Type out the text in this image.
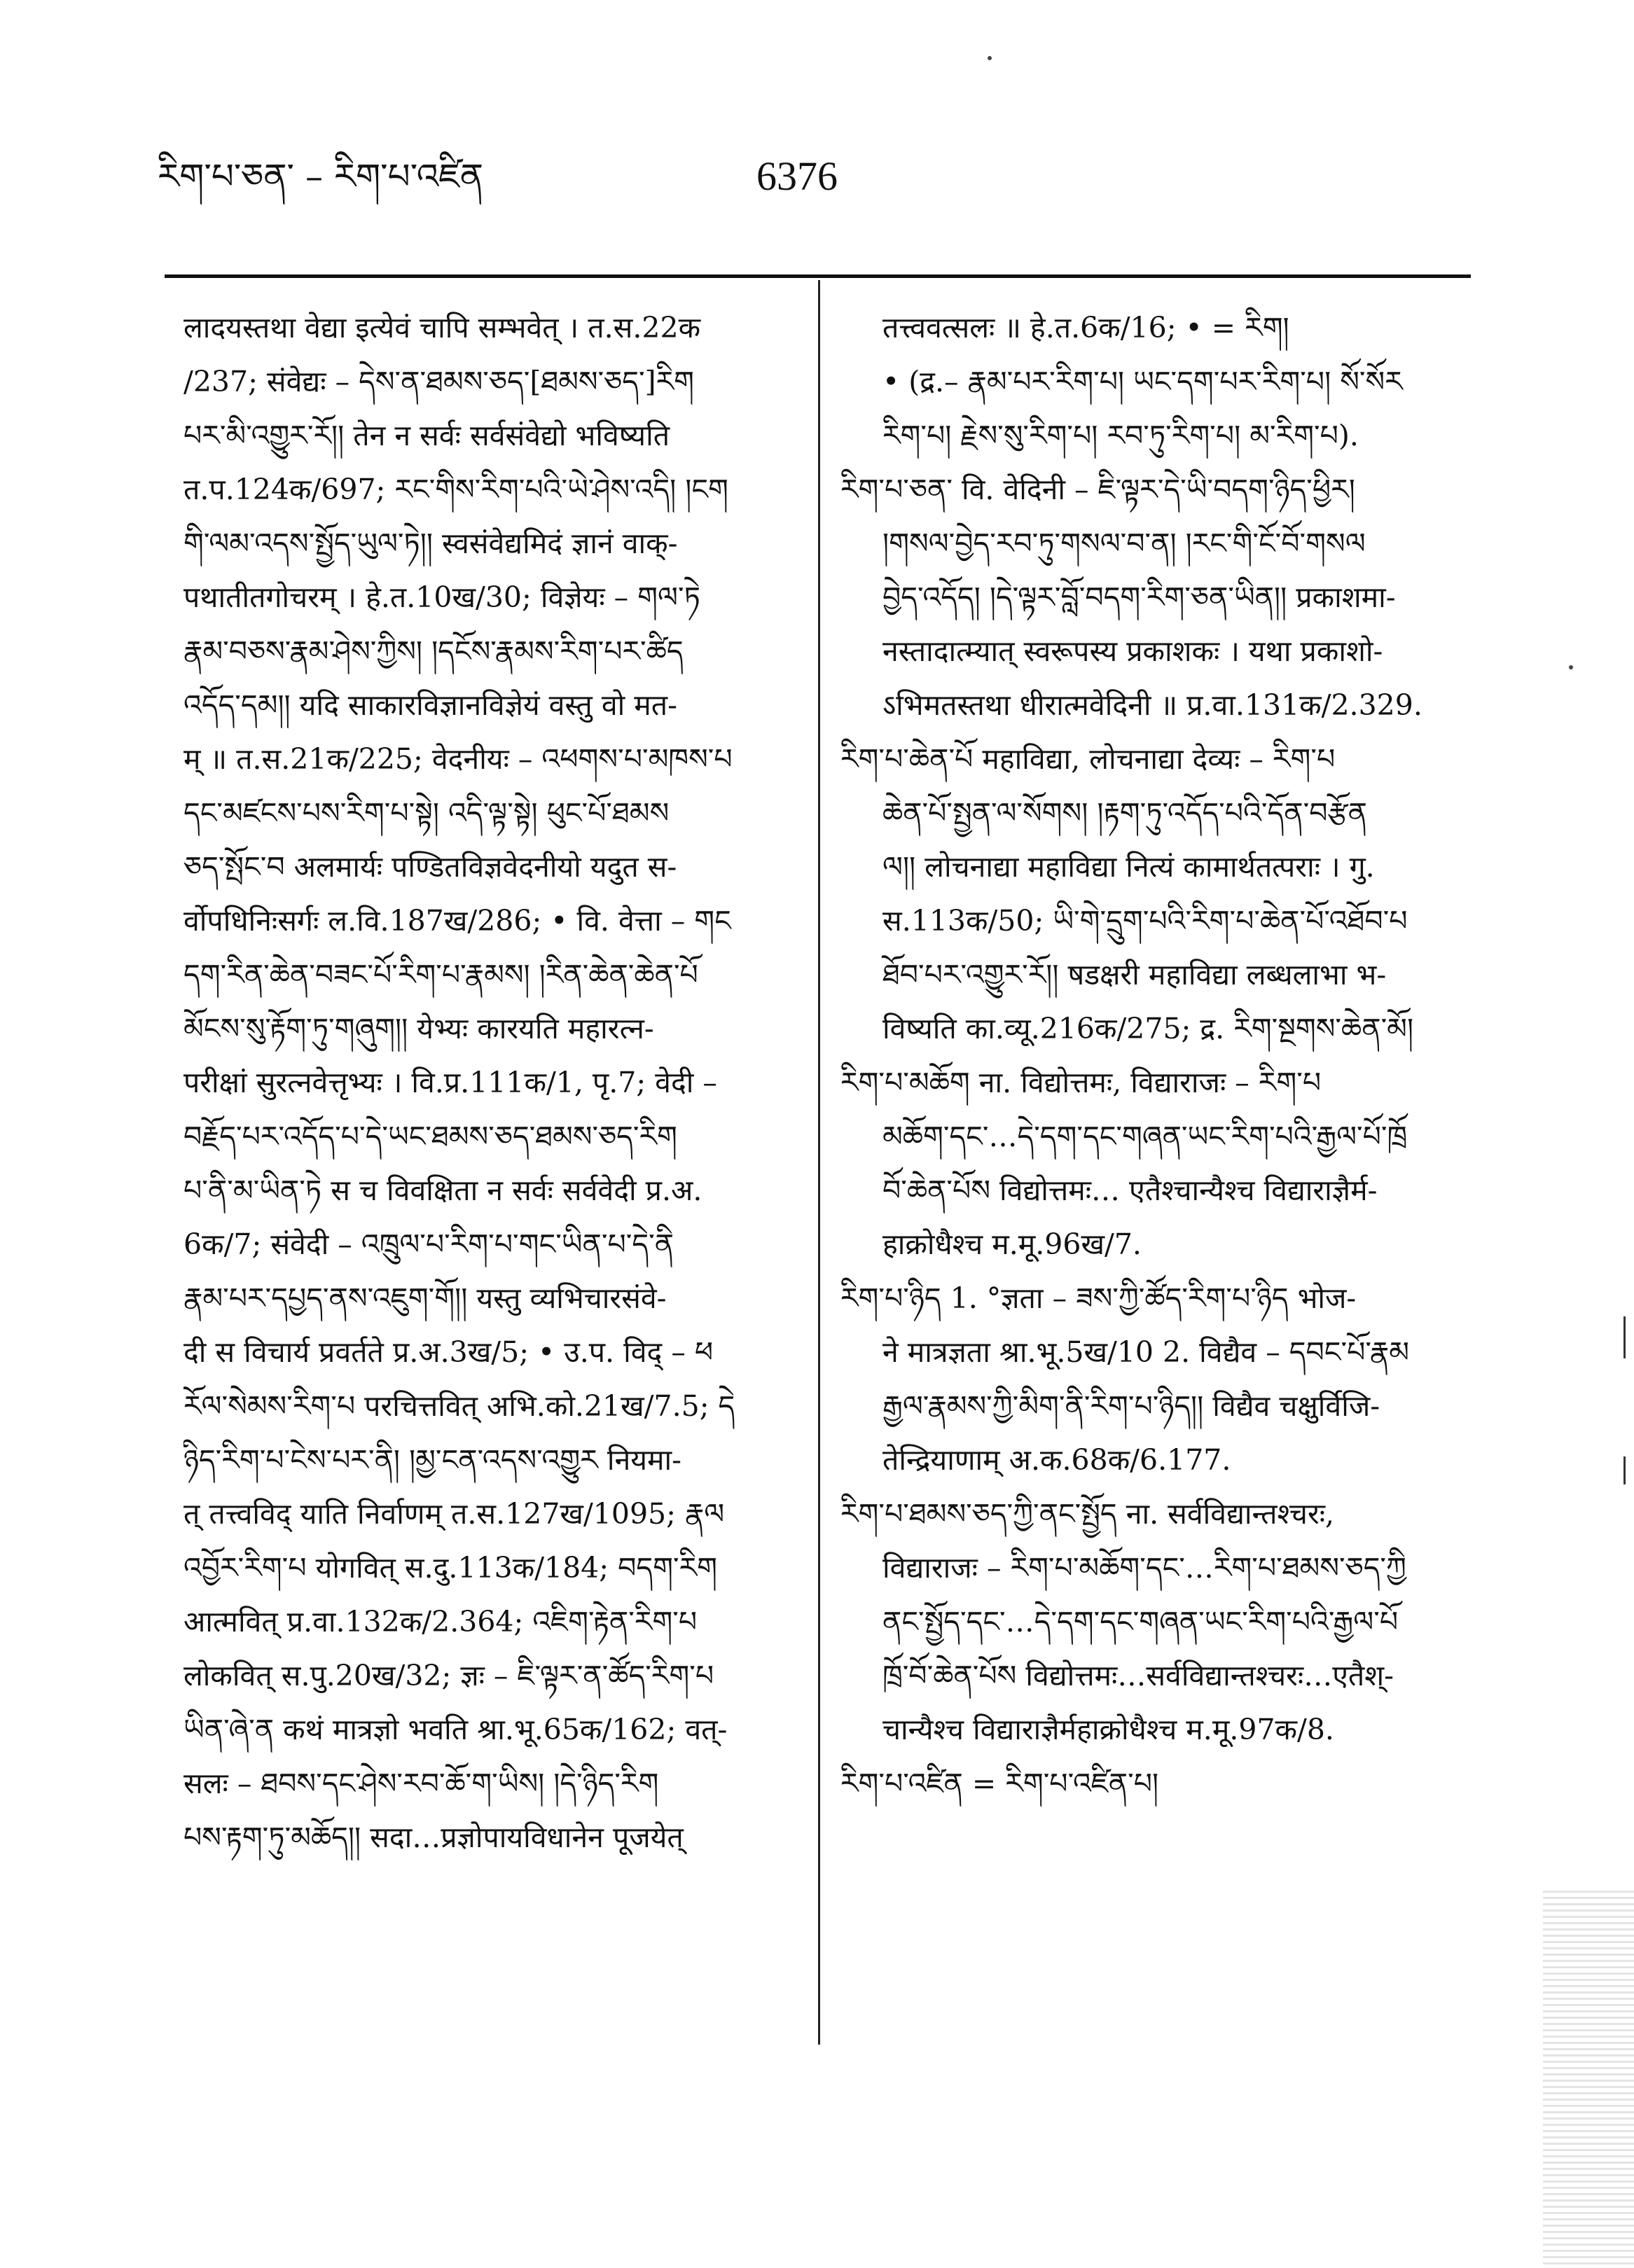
རིག་པ་ཅན་ – རིག་པ་འཛིན	6376
लादयस्तथा वेद्या इत्येवं चापि सम्भवेत् । त.स.22क
/237; संवेद्यः – དེས་ན་ཐམས་ཅད་[ཐམས་ཅད་]རིག
པར་མི་འགྱུར་རོ།། तेन न सर्वः सर्वसंवेद्यो भविष्यति
त.प.124क/697; རང་གིས་རིག་པའི་ཡེ་ཤེས་འདི། །ངག
གི་ལམ་འདས་སྤྱོད་ཡུལ་ཏེ།། स्वसंवेद्यमिदं ज्ञानं वाक्-
पथातीतगोचरम् । हे.त.10ख/30; विज्ञेयः – གལ་ཏེ
རྣམ་བཅས་རྣམ་ཤེས་ཀྱིས། །དངོས་རྣམས་རིག་པར་ཚིད
འདོད་དམ།། यदि साकारविज्ञानविज्ञेयं वस्तु वो मत-
म् ॥ त.स.21क/225; वेदनीयः – འཕགས་པ་མཁས་པ
དང་མཛངས་པས་རིག་པ་སྟེ། འདི་ལྟ་སྟེ། ཕུང་པོ་ཐམས
ཅད་སྤོང་བ अलमार्यः पण्डितविज्ञवेदनीयो यदुत स-
र्वोपधिनिःसर्गः ल.वि.187ख/286; • वि. वेत्ता – གང
དག་རིན་ཆེན་བཟང་པོ་རིག་པ་རྣམས། །རིན་ཆེན་ཆེན་པོ
མོངས་སུ་རྟོག་ཏུ་གཞུག།། येभ्यः कारयति महारत्न-
परीक्षां सुरत्नवेत्तृभ्यः । वि.प्र.111क/1, पृ.7; वेदी –
བརྗོད་པར་འདོད་པ་དེ་ཡང་ཐམས་ཅད་ཐམས་ཅད་རིག
པ་ནི་མ་ཡིན་ཏེ स च विवक्षिता न सर्वः सर्ववेदी प्र.अ.
6क/7; संवेदी – འཁྲུལ་པ་རིག་པ་གང་ཡིན་པ་དེ་ནི
རྣམ་པར་དཔྱད་ནས་འཇུག་གོ།། यस्तु व्यभिचारसंवे-
दी स विचार्य प्रवर्तते प्र.अ.3ख/5; • उ.प. विद् – ཕ
རོལ་སེམས་རིག་པ परचित्तवित् अभि.को.21ख/7.5; དེ
ཉིད་རིག་པ་ངེས་པར་ནི། །མྱ་ངན་འདས་འགྱུར नियमा-
त् तत्त्वविद् याति निर्वाणम् त.स.127ख/1095; རྣལ
འབྱོར་རིག་པ योगवित् स.दु.113क/184; བདག་རིག
आत्मवित् प्र.वा.132क/2.364; འཇིག་རྟེན་རིག་པ
लोकवित् स.पु.20ख/32; ज्ञः – ཇི་ལྟར་ན་ཚོད་རིག་པ
ཡིན་ཞེ་ན कथं मात्रज्ञो भवति श्रा.भू.65क/162; वत्-
सलः – ཐབས་དང་ཤེས་རབ་ཆོ་ག་ཡིས། །དེ་ཉིད་རིག
པས་རྟག་ཏུ་མཆོད།། सदा…प्रज्ञोपायविधानेन पूजयेत्
तत्त्ववत्सलः ॥ हे.त.6क/16; • = རིག།
• (द्र.– རྣམ་པར་རིག་པ། ཡང་དག་པར་རིག་པ། སོ་སོར
རིག་པ། རྗེས་སུ་རིག་པ། རབ་ཏུ་རིག་པ། མ་རིག་པ).
རིག་པ་ཅན་ वि. वेदिनी – ཇི་ལྟར་དེ་ཡི་བདག་ཉིད་ཕྱིར།
།གསལ་བྱེད་རབ་ཏུ་གསལ་བ་ན། །རང་གི་ངོ་བོ་གསལ
བྱེད་འདོད། །དེ་ལྟར་བློ་བདག་རིག་ཅན་ཡིན།། प्रकाशमा-
नस्तादात्म्यात् स्वरूपस्य प्रकाशकः । यथा प्रकाशो-
ऽभिमतस्तथा धीरात्मवेदिनी ॥ प्र.वा.131क/2.329.
རིག་པ་ཆེན་པོ महाविद्या, लोचनाद्या देव्यः – རིག་པ
ཆེན་པོ་སྤྱན་ལ་སོགས། །རྟག་ཏུ་འདོད་པའི་དོན་བརྩོན
ལ།། लोचनाद्या महाविद्या नित्यं कामार्थतत्पराः । गु.
स.113क/50; ཡི་གེ་དྲུག་པའི་རིག་པ་ཆེན་པོ་འཐོབ་པ
ཐོབ་པར་འགྱུར་རོ།། षडक्षरी महाविद्या लब्धलाभा भ-
विष्यति का.व्यू.216क/275; द्र. རིག་སྔགས་ཆེན་མོ།
རིག་པ་མཆོག ना. विद्योत्तमः, विद्याराजः – རིག་པ
མཆོག་དང་…དེ་དག་དང་གཞན་ཡང་རིག་པའི་རྒྱལ་པོ་ཁྲོ
བོ་ཆེན་པོས विद्योत्तमः… एतैश्चान्यैश्च विद्याराज्ञैर्म-
हाक्रोधैश्च म.मू.96ख/7.
རིག་པ་ཉིད 1. °ज्ञता – ཟས་ཀྱི་ཚོད་རིག་པ་ཉིད भोज-
ने मात्रज्ञता श्रा.भू.5ख/10 2. विद्यैव – དབང་པོ་རྣམ
རྒྱལ་རྣམས་ཀྱི་མིག་ནི་རིག་པ་ཉིད།། विद्यैव चक्षुर्विजि-
तेन्द्रियाणाम् अ.क.68क/6.177.
རིག་པ་ཐམས་ཅད་ཀྱི་ནང་སྤྱོད ना. सर्वविद्यान्तश्चरः,
विद्याराजः – རིག་པ་མཆོག་དང་…རིག་པ་ཐམས་ཅད་ཀྱི
ནང་སྤྱོད་དང་…དེ་དག་དང་གཞན་ཡང་རིག་པའི་རྒྱལ་པོ
ཁྲོ་བོ་ཆེན་པོས विद्योत्तमः…सर्वविद्यान्तश्चरः…एतैश्-
चान्यैश्च विद्याराज्ञैर्महाक्रोधैश्च म.मू.97क/8.
རིག་པ་འཛིན = རིག་པ་འཛིན་པ།
